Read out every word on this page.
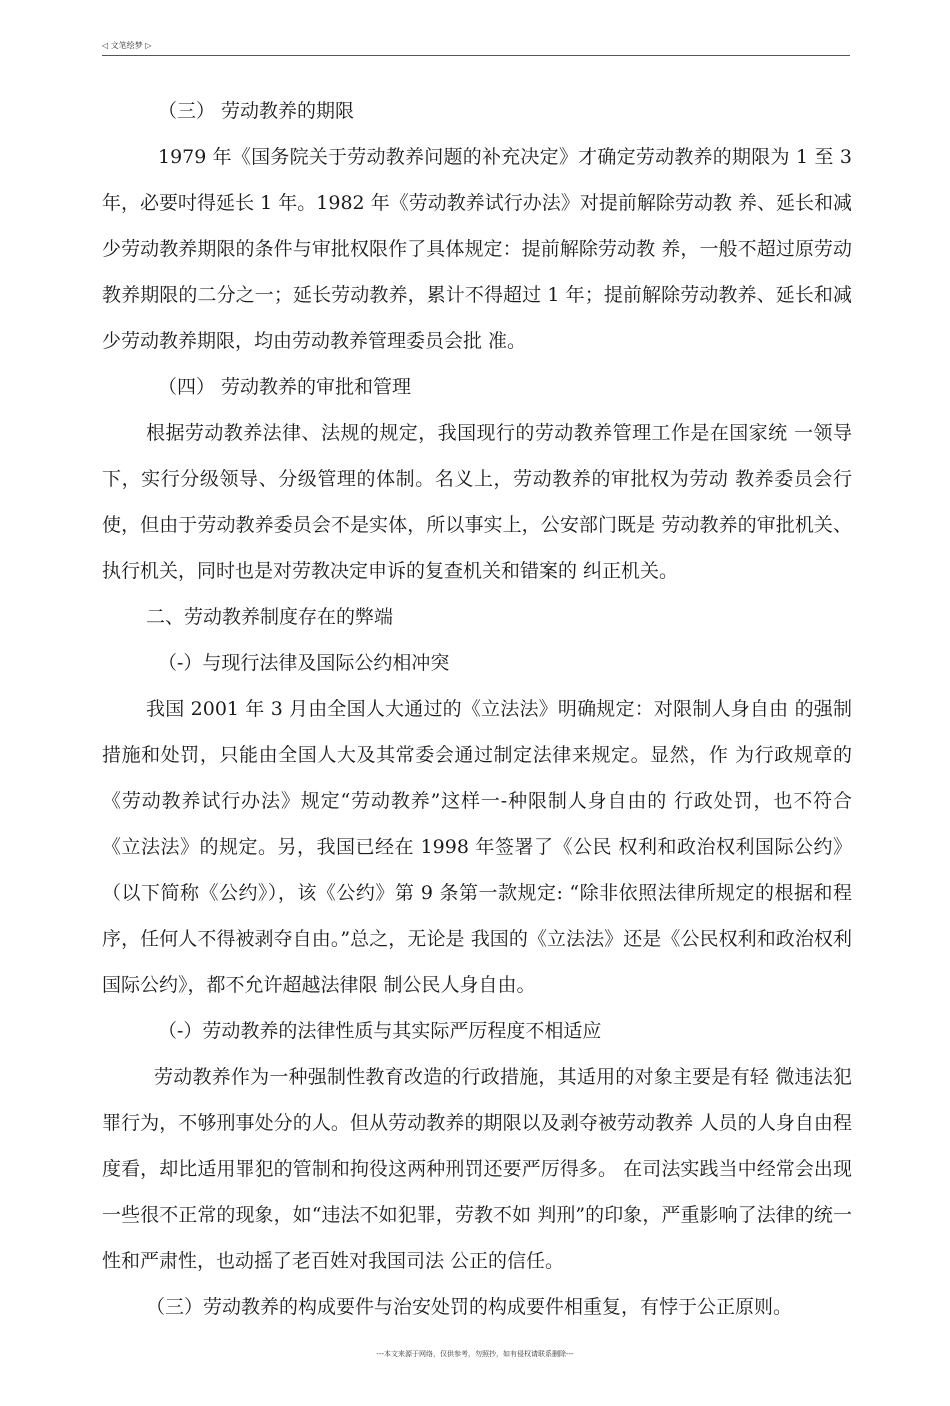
◁ 文笔绘梦 ▷

（三） 劳动教养的期限

1979 年《国务院关于劳动教养问题的补充决定》才确定劳动教养的期限为 1 至 3 年，必要吋得延长 1 年。1982 年《劳动教养试行办法》对提前解除劳动教 养、延长和减少劳动教养期限的条件与审批权限作了具体规定：提前解除劳动教 养，一般不超过原劳动教养期限的二分之一；延长劳动教养，累计不得超过 1 年；提前解除劳动教养、延长和减少劳动教养期限，均由劳动教养管理委员会批 准。

（四） 劳动教养的审批和管理

根据劳动教养法律、法规的规定，我国现行的劳动教养管理工作是在国家统 一领导下，实行分级领导、分级管理的体制。名义上，劳动教养的审批权为劳动 教养委员会行使，但由于劳动教养委员会不是实体，所以事实上，公安部门既是 劳动教养的审批机关、执行机关，同时也是对劳教决定申诉的复查机关和错案的 纠正机关。

二、劳动教养制度存在的弊端

（-）与现行法律及国际公约相冲突

我国 2001 年 3 月由全国人大通过的《立法法》明确规定：对限制人身自由 的强制措施和处罚，只能由全国人大及其常委会通过制定法律来规定。显然，作 为行政规章的《劳动教养试行办法》规定“劳动教养”这样一-种限制人身自由的 行政处罚，也不符合《立法法》的规定。另，我国已经在 1998 年签署了《公民 权利和政治权利国际公约》（以下简称《公约》），该《公约》第 9 条第一款规定: “除非依照法律所规定的根据和程序，任何人不得被剥夺自由。”总之，无论是 我国的《立法法》还是《公民权利和政治权利国际公约》，都不允许超越法律限 制公民人身自由。

（-）劳动教养的法律性质与其实际严厉程度不相适应

劳动教养作为一种强制性教育改造的行政措施，其适用的对象主要是有轻 微违法犯罪行为，不够刑事处分的人。但从劳动教养的期限以及剥夺被劳动教养 人员的人身自由程度看，却比适用罪犯的管制和拘役这两种刑罚还要严厉得多。 在司法实践当中经常会出现一些很不正常的现象，如“违法不如犯罪，劳教不如 判刑”的印象，严重影响了法律的统一性和严肃性，也动摇了老百姓对我国司法 公正的信任。

（三）劳动教养的构成要件与治安处罚的构成要件相重复，有悖于公正原则。

---本文来源于网络，仅供参考，勿照抄，如有侵权请联系删除---
